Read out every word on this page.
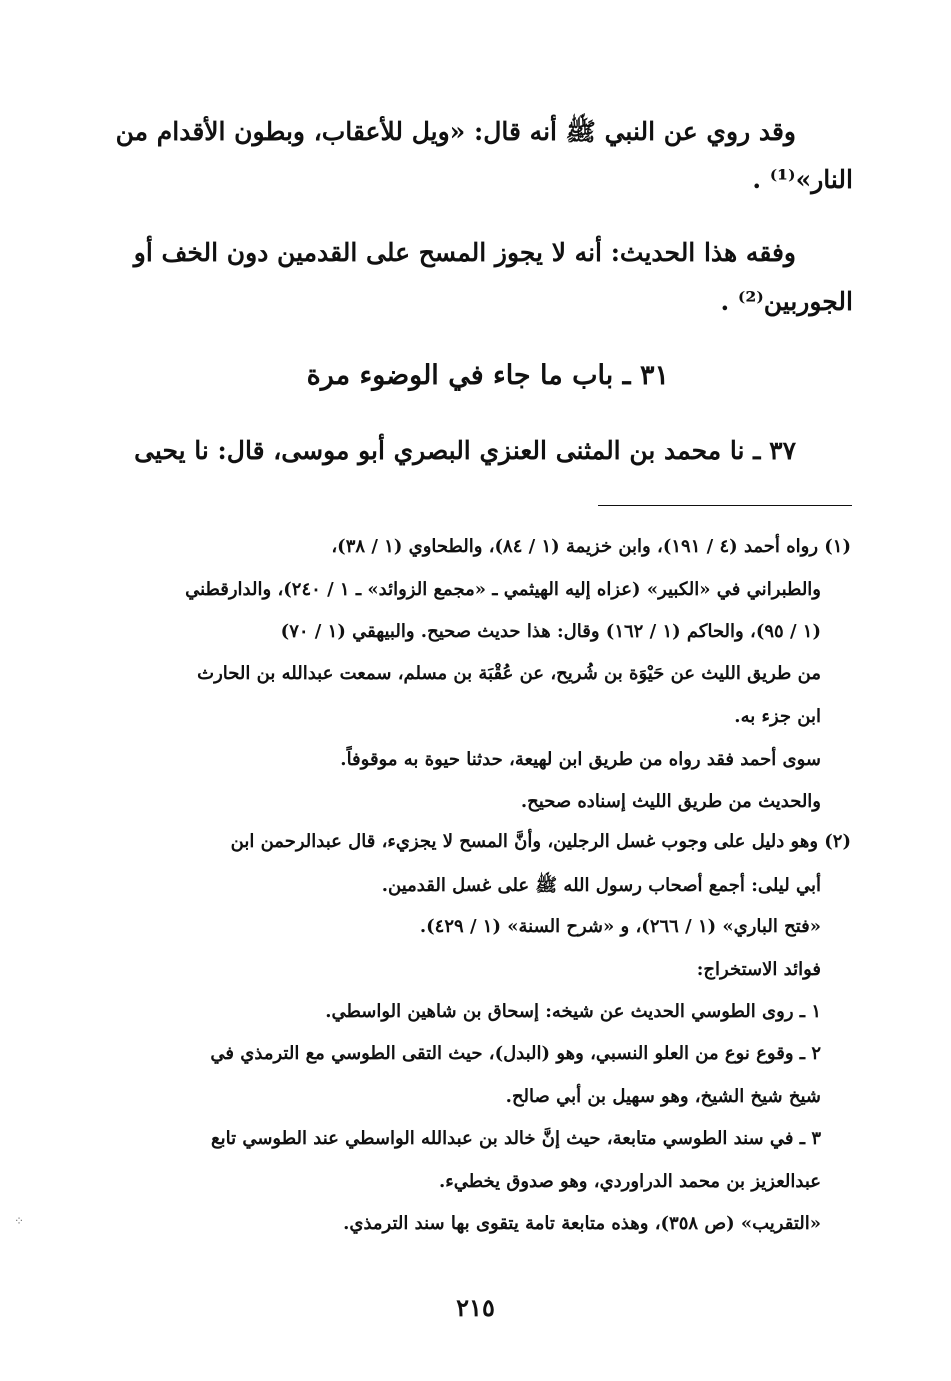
وقد روي عن النبي ﷺ أنه قال: «ويل للأعقاب، وبطون الأقدام من
النار»⁽¹⁾ .
وفقه هذا الحديث: أنه لا يجوز المسح على القدمين دون الخف أو
الجوربين⁽²⁾ .
٣١ ـ باب ما جاء في الوضوء مرة
٣٧ ـ نا محمد بن المثنى العنزي البصري أبو موسى، قال: نا يحيى
(١) رواه أحمد (٤ / ١٩١)، وابن خزيمة (١ / ٨٤)، والطحاوي (١ / ٣٨)،
والطبراني في «الكبير» (عزاه إليه الهيثمي ـ «مجمع الزوائد» ـ ١ / ٢٤٠)، والدارقطني
(١ / ٩٥)، والحاكم (١ / ١٦٢) وقال: هذا حديث صحيح. والبيهقي (١ / ٧٠)
من طريق الليث عن حَيْوَة بن شُريح، عن عُقْبَة بن مسلم، سمعت عبدالله بن الحارث
ابن جزء به.
سوى أحمد فقد رواه من طريق ابن لهيعة، حدثنا حيوة به موقوفاً.
والحديث من طريق الليث إسناده صحيح.
(٢) وهو دليل على وجوب غسل الرجلين، وأنَّ المسح لا يجزيء، قال عبدالرحمن ابن
أبي ليلى: أجمع أصحاب رسول الله ﷺ على غسل القدمين.
«فتح الباري» (١ / ٢٦٦)، و «شرح السنة» (١ / ٤٢٩).
فوائد الاستخراج:
١ ـ روى الطوسي الحديث عن شيخه: إسحاق بن شاهين الواسطي.
٢ ـ وقوع نوع من العلو النسبي، وهو (البدل)، حيث التقى الطوسي مع الترمذي في
شيخ شيخ الشيخ، وهو سهيل بن أبي صالح.
٣ ـ في سند الطوسي متابعة، حيث إنَّ خالد بن عبدالله الواسطي عند الطوسي تابع
عبدالعزيز بن محمد الدراوردي، وهو صدوق يخطيء.
«التقريب» (ص ٣٥٨)، وهذه متابعة تامة يتقوى بها سند الترمذي.
٢١٥
⁘
